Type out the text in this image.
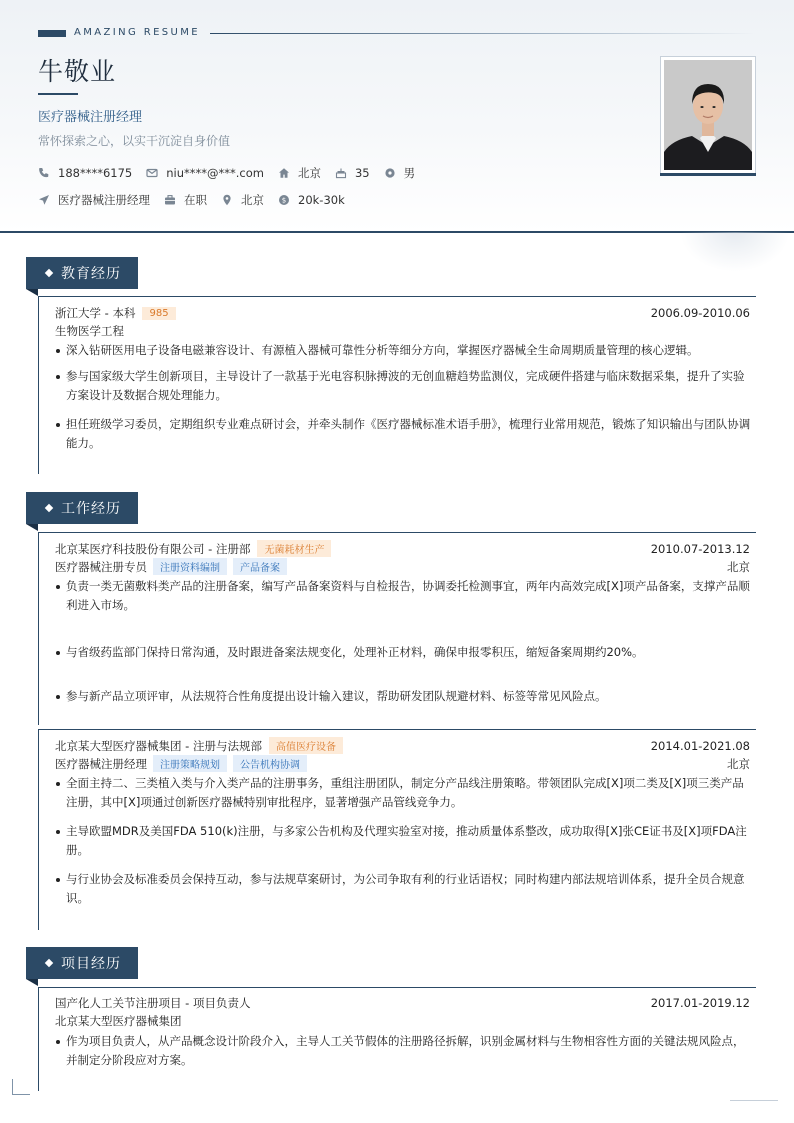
AMAZING RESUME
牛敬业
医疗器械注册经理
常怀探索之心，以实干沉淀自身价值
188****6175	niu****@***.com	北京	35	男
医疗器械注册经理	在职	北京	$ 20k-30k
教育经历
浙江大学 - 本科	985	2006.09-2010.06
生物医学工程
深入钻研医用电子设备电磁兼容设计、有源植入器械可靠性分析等细分方向，掌握医疗器械全生命周期质量管理的核心逻辑。
参与国家级大学生创新项目，主导设计了一款基于光电容积脉搏波的无创血糖趋势监测仪，完成硬件搭建与临床数据采集，提升了实验方案设计及数据合规处理能力。
担任班级学习委员，定期组织专业难点研讨会，并牵头制作《医疗器械标准术语手册》，梳理行业常用规范，锻炼了知识输出与团队协调能力。
工作经历
北京某医疗科技股份有限公司 - 注册部	无菌耗材生产	2010.07-2013.12
医疗器械注册专员	注册资料编制	产品备案	北京
负责一类无菌敷料类产品的注册备案，编写产品备案资料与自检报告，协调委托检测事宜，两年内高效完成[X]项产品备案，支撑产品顺利进入市场。
与省级药监部门保持日常沟通，及时跟进备案法规变化，处理补正材料，确保申报零积压，缩短备案周期约20%。
参与新产品立项评审，从法规符合性角度提出设计输入建议，帮助研发团队规避材料、标签等常见风险点。
北京某大型医疗器械集团 - 注册与法规部	高值医疗设备	2014.01-2021.08
医疗器械注册经理	注册策略规划	公告机构协调	北京
全面主持二、三类植入类与介入类产品的注册事务，重组注册团队，制定分产品线注册策略。带领团队完成[X]项二类及[X]项三类产品注册，其中[X]项通过创新医疗器械特别审批程序，显著增强产品管线竞争力。
主导欧盟MDR及美国FDA 510(k)注册，与多家公告机构及代理实验室对接，推动质量体系整改，成功取得[X]张CE证书及[X]项FDA注册。
与行业协会及标准委员会保持互动，参与法规草案研讨，为公司争取有利的行业话语权；同时构建内部法规培训体系，提升全员合规意识。
项目经历
国产化人工关节注册项目 - 项目负责人	2017.01-2019.12
北京某大型医疗器械集团
作为项目负责人，从产品概念设计阶段介入，主导人工关节假体的注册路径拆解，识别金属材料与生物相容性方面的关键法规风险点，并制定分阶段应对方案。
